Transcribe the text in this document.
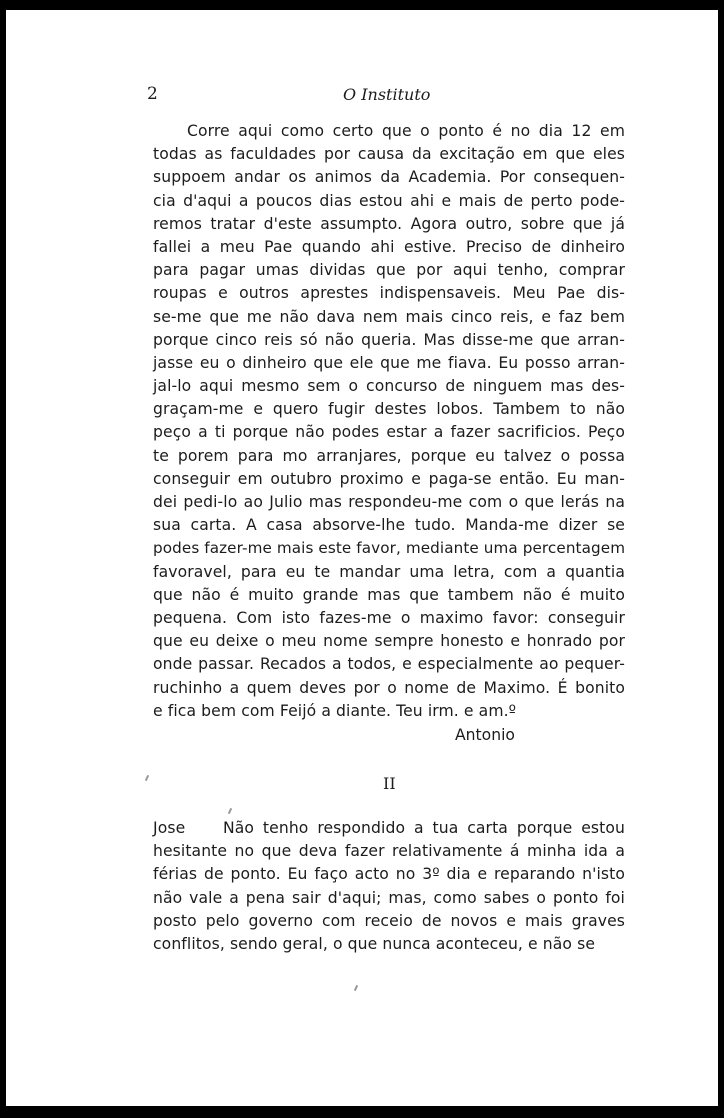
2	O Instituto
Corre aqui como certo que o ponto é no dia 12 em
todas as faculdades por causa da excitação em que eles
suppoem andar os animos da Academia. Por consequen-
cia d'aqui a poucos dias estou ahi e mais de perto pode-
remos tratar d'este assumpto. Agora outro, sobre que já
fallei a meu Pae quando ahi estive. Preciso de dinheiro
para pagar umas dividas que por aqui tenho, comprar
roupas e outros aprestes indispensaveis. Meu Pae dis-
se-me que me não dava nem mais cinco reis, e faz bem
porque cinco reis só não queria. Mas disse-me que arran-
jasse eu o dinheiro que ele que me fiava. Eu posso arran-
jal-lo aqui mesmo sem o concurso de ninguem mas des-
graçam-me e quero fugir destes lobos. Tambem to não
peço a ti porque não podes estar a fazer sacrificios. Peço
te porem para mo arranjares, porque eu talvez o possa
conseguir em outubro proximo e paga-se então. Eu man-
dei pedi-lo ao Julio mas respondeu-me com o que lerás na
sua carta. A casa absorve-lhe tudo. Manda-me dizer se
podes fazer-me mais este favor, mediante uma percentagem
favoravel, para eu te mandar uma letra, com a quantia
que não é muito grande mas que tambem não é muito
pequena. Com isto fazes-me o maximo favor: conseguir
que eu deixe o meu nome sempre honesto e honrado por
onde passar. Recados a todos, e especialmente ao pequer-
ruchinho a quem deves por o nome de Maximo. É bonito
e fica bem com Feijó a diante. Teu irm. e am.º
Antonio
II
Jose Não tenho respondido a tua carta porque estou
hesitante no que deva fazer relativamente á minha ida a
férias de ponto. Eu faço acto no 3º dia e reparando n'isto
não vale a pena sair d'aqui; mas, como sabes o ponto foi
posto pelo governo com receio de novos e mais graves
conflitos, sendo geral, o que nunca aconteceu, e não se
